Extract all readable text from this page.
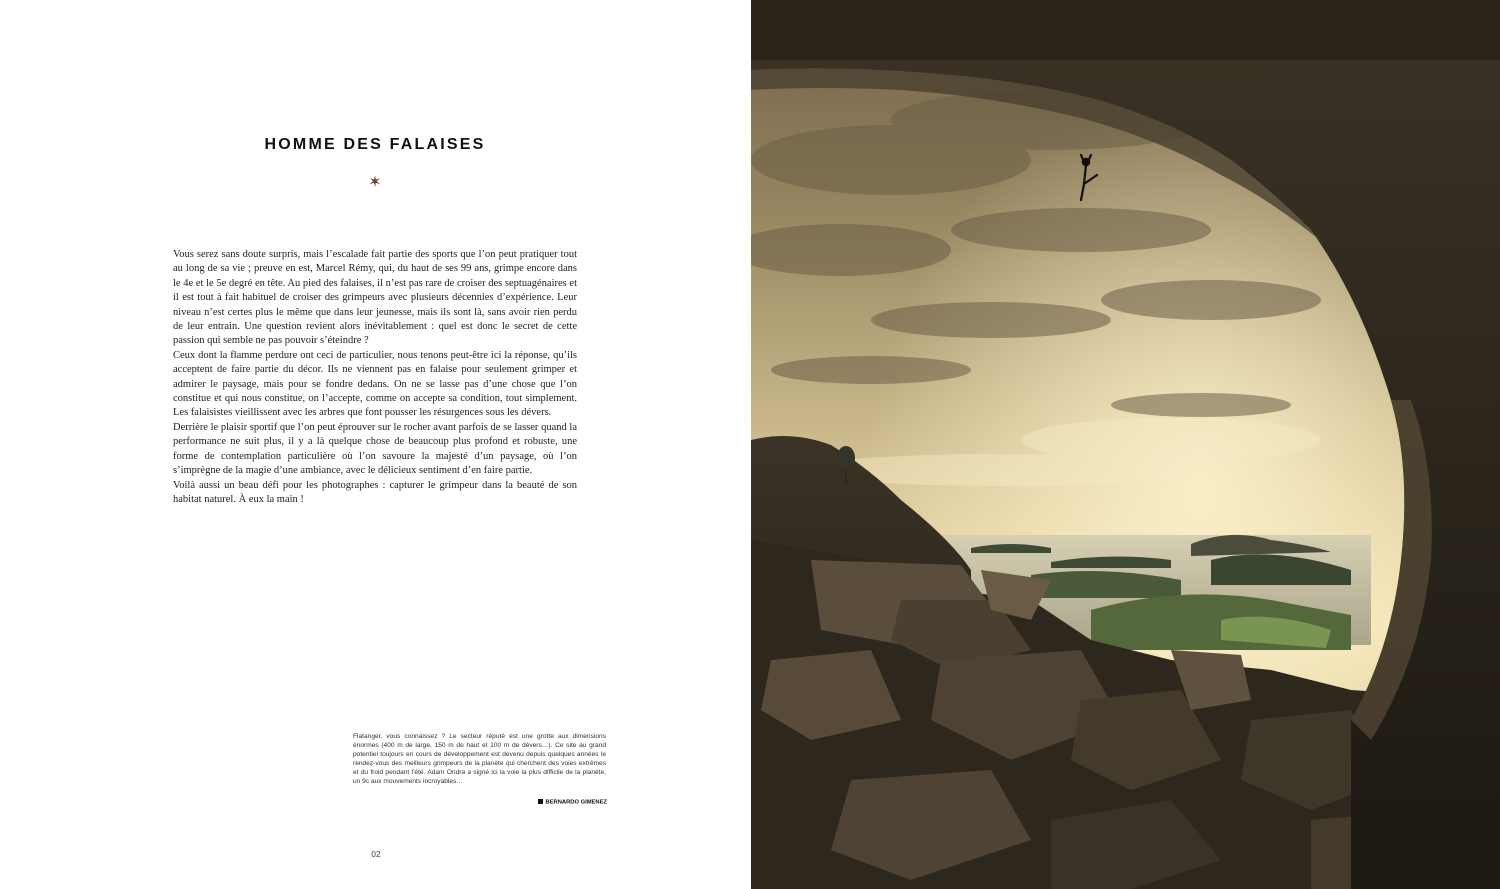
HOMME DES FALAISES
✶

Vous serez sans doute surpris, mais l’escalade fait partie des sports que l’on peut pratiquer tout au long de sa vie ; preuve en est, Marcel Rémy, qui, du haut de ses 99 ans, grimpe encore dans le 4e et le 5e degré en tête. Au pied des falaises, il n’est pas rare de croiser des septuagénaires et il est tout à fait habituel de croiser des grimpeurs avec plusieurs décennies d’expérience. Leur niveau n’est certes plus le même que dans leur jeunesse, mais ils sont là, sans avoir rien perdu de leur entrain. Une question revient alors inévitablement : quel est donc le secret de cette passion qui semble ne pas pouvoir s’éteindre ?

Ceux dont la flamme perdure ont ceci de particulier, nous tenons peut-être ici la réponse, qu’ils acceptent de faire partie du décor. Ils ne viennent pas en falaise pour seulement grimper et admirer le paysage, mais pour se fondre dedans. On ne se lasse pas d’une chose que l’on constitue et qui nous constitue, on l’accepte, comme on accepte sa condition, tout simplement. Les falaisistes vieillissent avec les arbres que font pousser les résurgences sous les dévers.

Derrière le plaisir sportif que l’on peut éprouver sur le rocher avant parfois de se lasser quand la performance ne suit plus, il y a là quelque chose de beaucoup plus profond et robuste, une forme de contemplation particulière où l’on savoure la majesté d’un paysage, où l’on s’imprègne de la magie d’une ambiance, avec le délicieux sentiment d’en faire partie.

Voilà aussi un beau défi pour les photographes : capturer le grimpeur dans la beauté de son habitat naturel. À eux la main !

Flatanger, vous connaissez ? Le secteur réputé est une grotte aux dimensions énormes (400 m de large, 150 m de haut et 100 m de dévers…). Ce site au grand potentiel toujours en cours de développement est devenu depuis quelques années le rendez-vous des meilleurs grimpeurs de la planète qui cherchent des voies extrêmes et du froid pendant l’été. Adam Ondra a signé ici la voie la plus difficile de la planète, un 9c aux mouvements incroyables…

BERNARDO GIMENEZ
02
